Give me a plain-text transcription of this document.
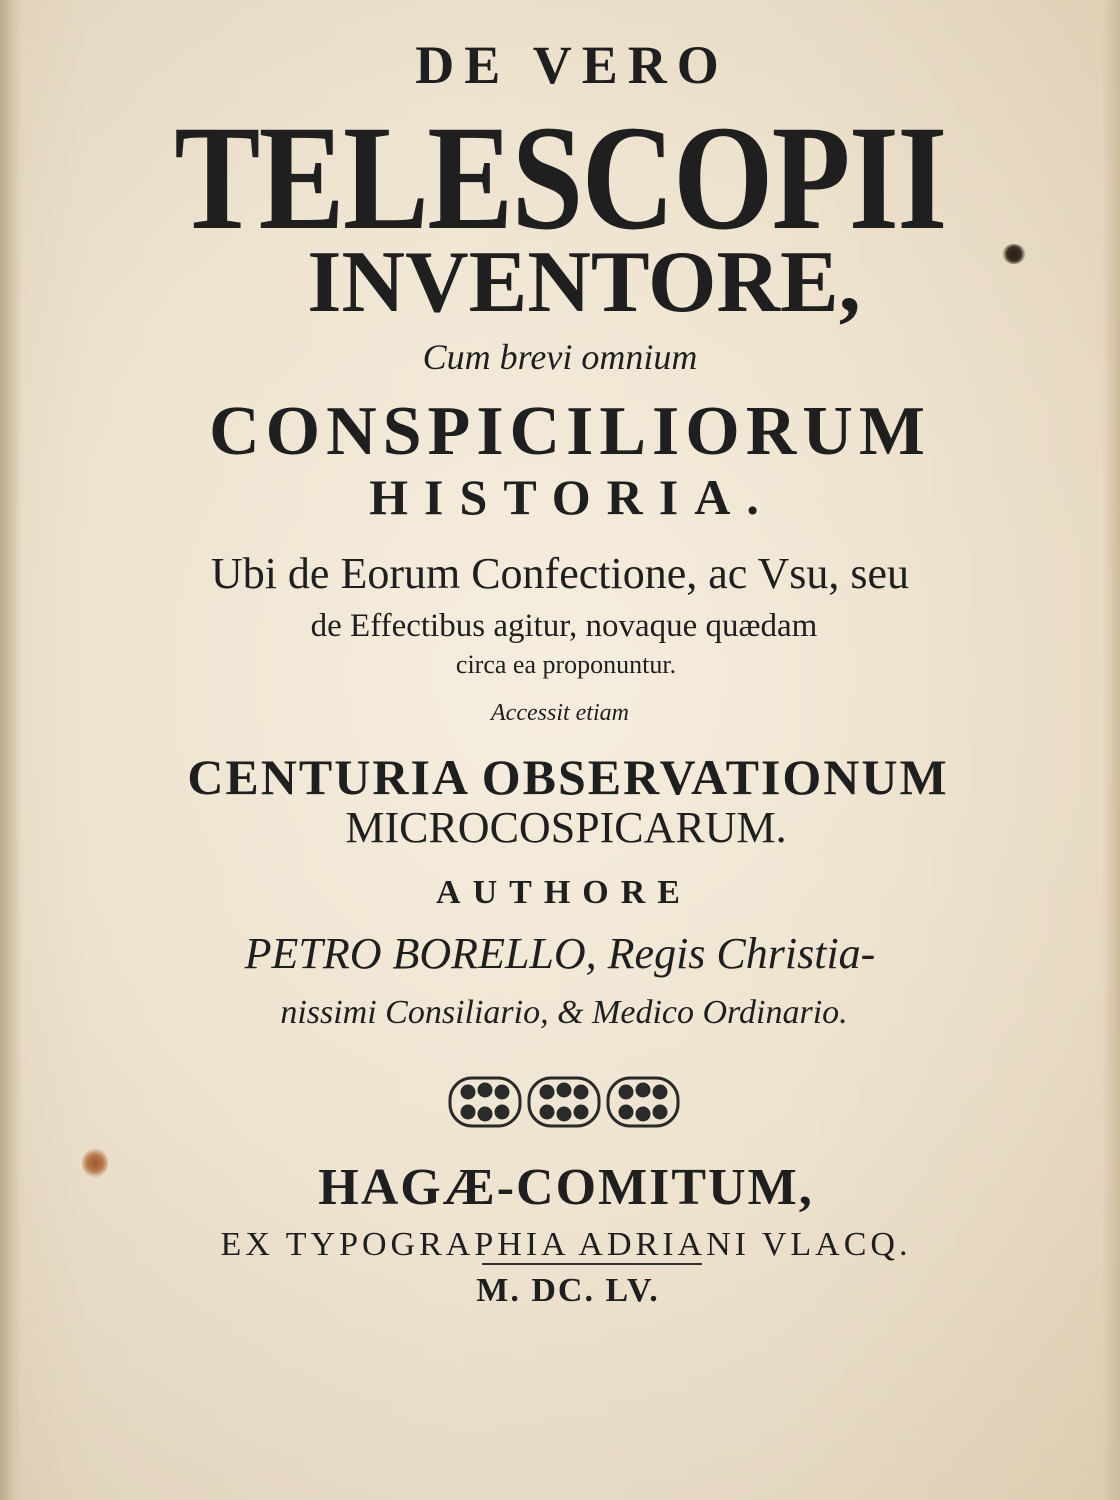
DE VERO
TELESCOPII
INVENTORE,
Cum brevi omnium
CONSPICILIORUM
HISTORIA.
Ubi de Eorum Confectione, ac Vsu, seu
de Effectibus agitur, novaque quædam
circa ea proponuntur.
Accessit etiam
CENTURIA OBSERVATIONUM
MICROCOSPICARUM.
AUTHORE
PETRO BORELLO, Regis Christia-
nissimi Consiliario, & Medico Ordinario.
HAGÆ-COMITUM,
EX TYPOGRAPHIA ADRIANI VLACQ.
M. DC. LV.
